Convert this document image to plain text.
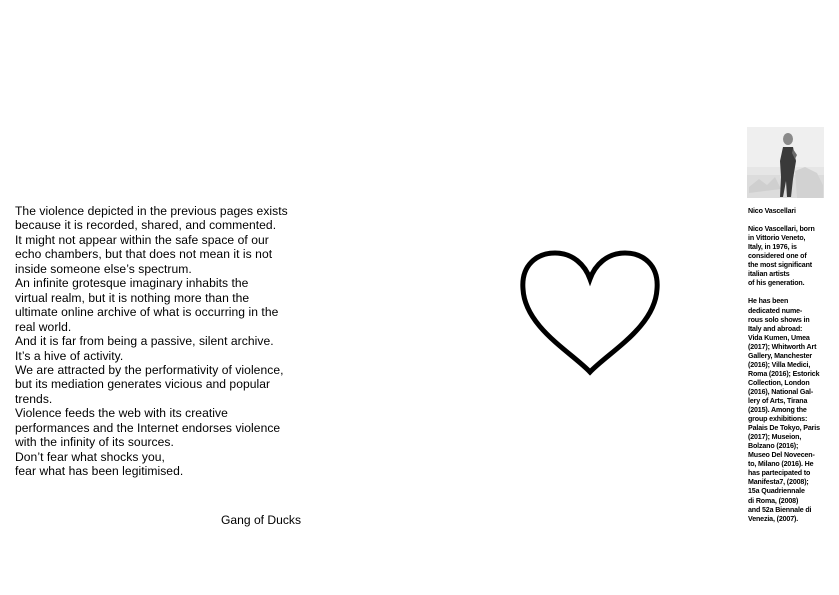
The violence depicted in the previous pages exists
because it is recorded, shared, and commented.
It might not appear within the safe space of our
echo chambers, but that does not mean it is not
inside someone else’s spectrum.
An infinite grotesque imaginary inhabits the
virtual realm, but it is nothing more than the
ultimate online archive of what is occurring in the
real world.
And it is far from being a passive, silent archive.
It’s a hive of activity.
We are attracted by the performativity of violence,
but its mediation generates vicious and popular
trends.
Violence feeds the web with its creative
performances and the Internet endorses violence
with the infinity of its sources.
Don’t fear what shocks you,
fear what has been legitimised.
Gang of Ducks
Nico Vascellari
Nico Vascellari, born
in Vittorio Veneto,
Italy, in 1976, is
considered one of
the most significant
italian artists
of his generation.
He has been
dedicated nume-
rous solo shows in
Italy and abroad:
Vida Kumen, Umea
(2017); Whitworth Art
Gallery, Manchester
(2016); Villa Medici,
Roma (2016); Estorick
Collection, London
(2016), National Gal-
lery of Arts, Tirana
(2015). Among the
group exhibitions:
Palais De Tokyo, Paris
(2017); Museion,
Bolzano (2016);
Museo Del Novecen-
to, Milano (2016). He
has partecipated to
Manifesta7, (2008);
15a Quadriennale
di Roma, (2008)
and 52a Biennale di
Venezia, (2007).
